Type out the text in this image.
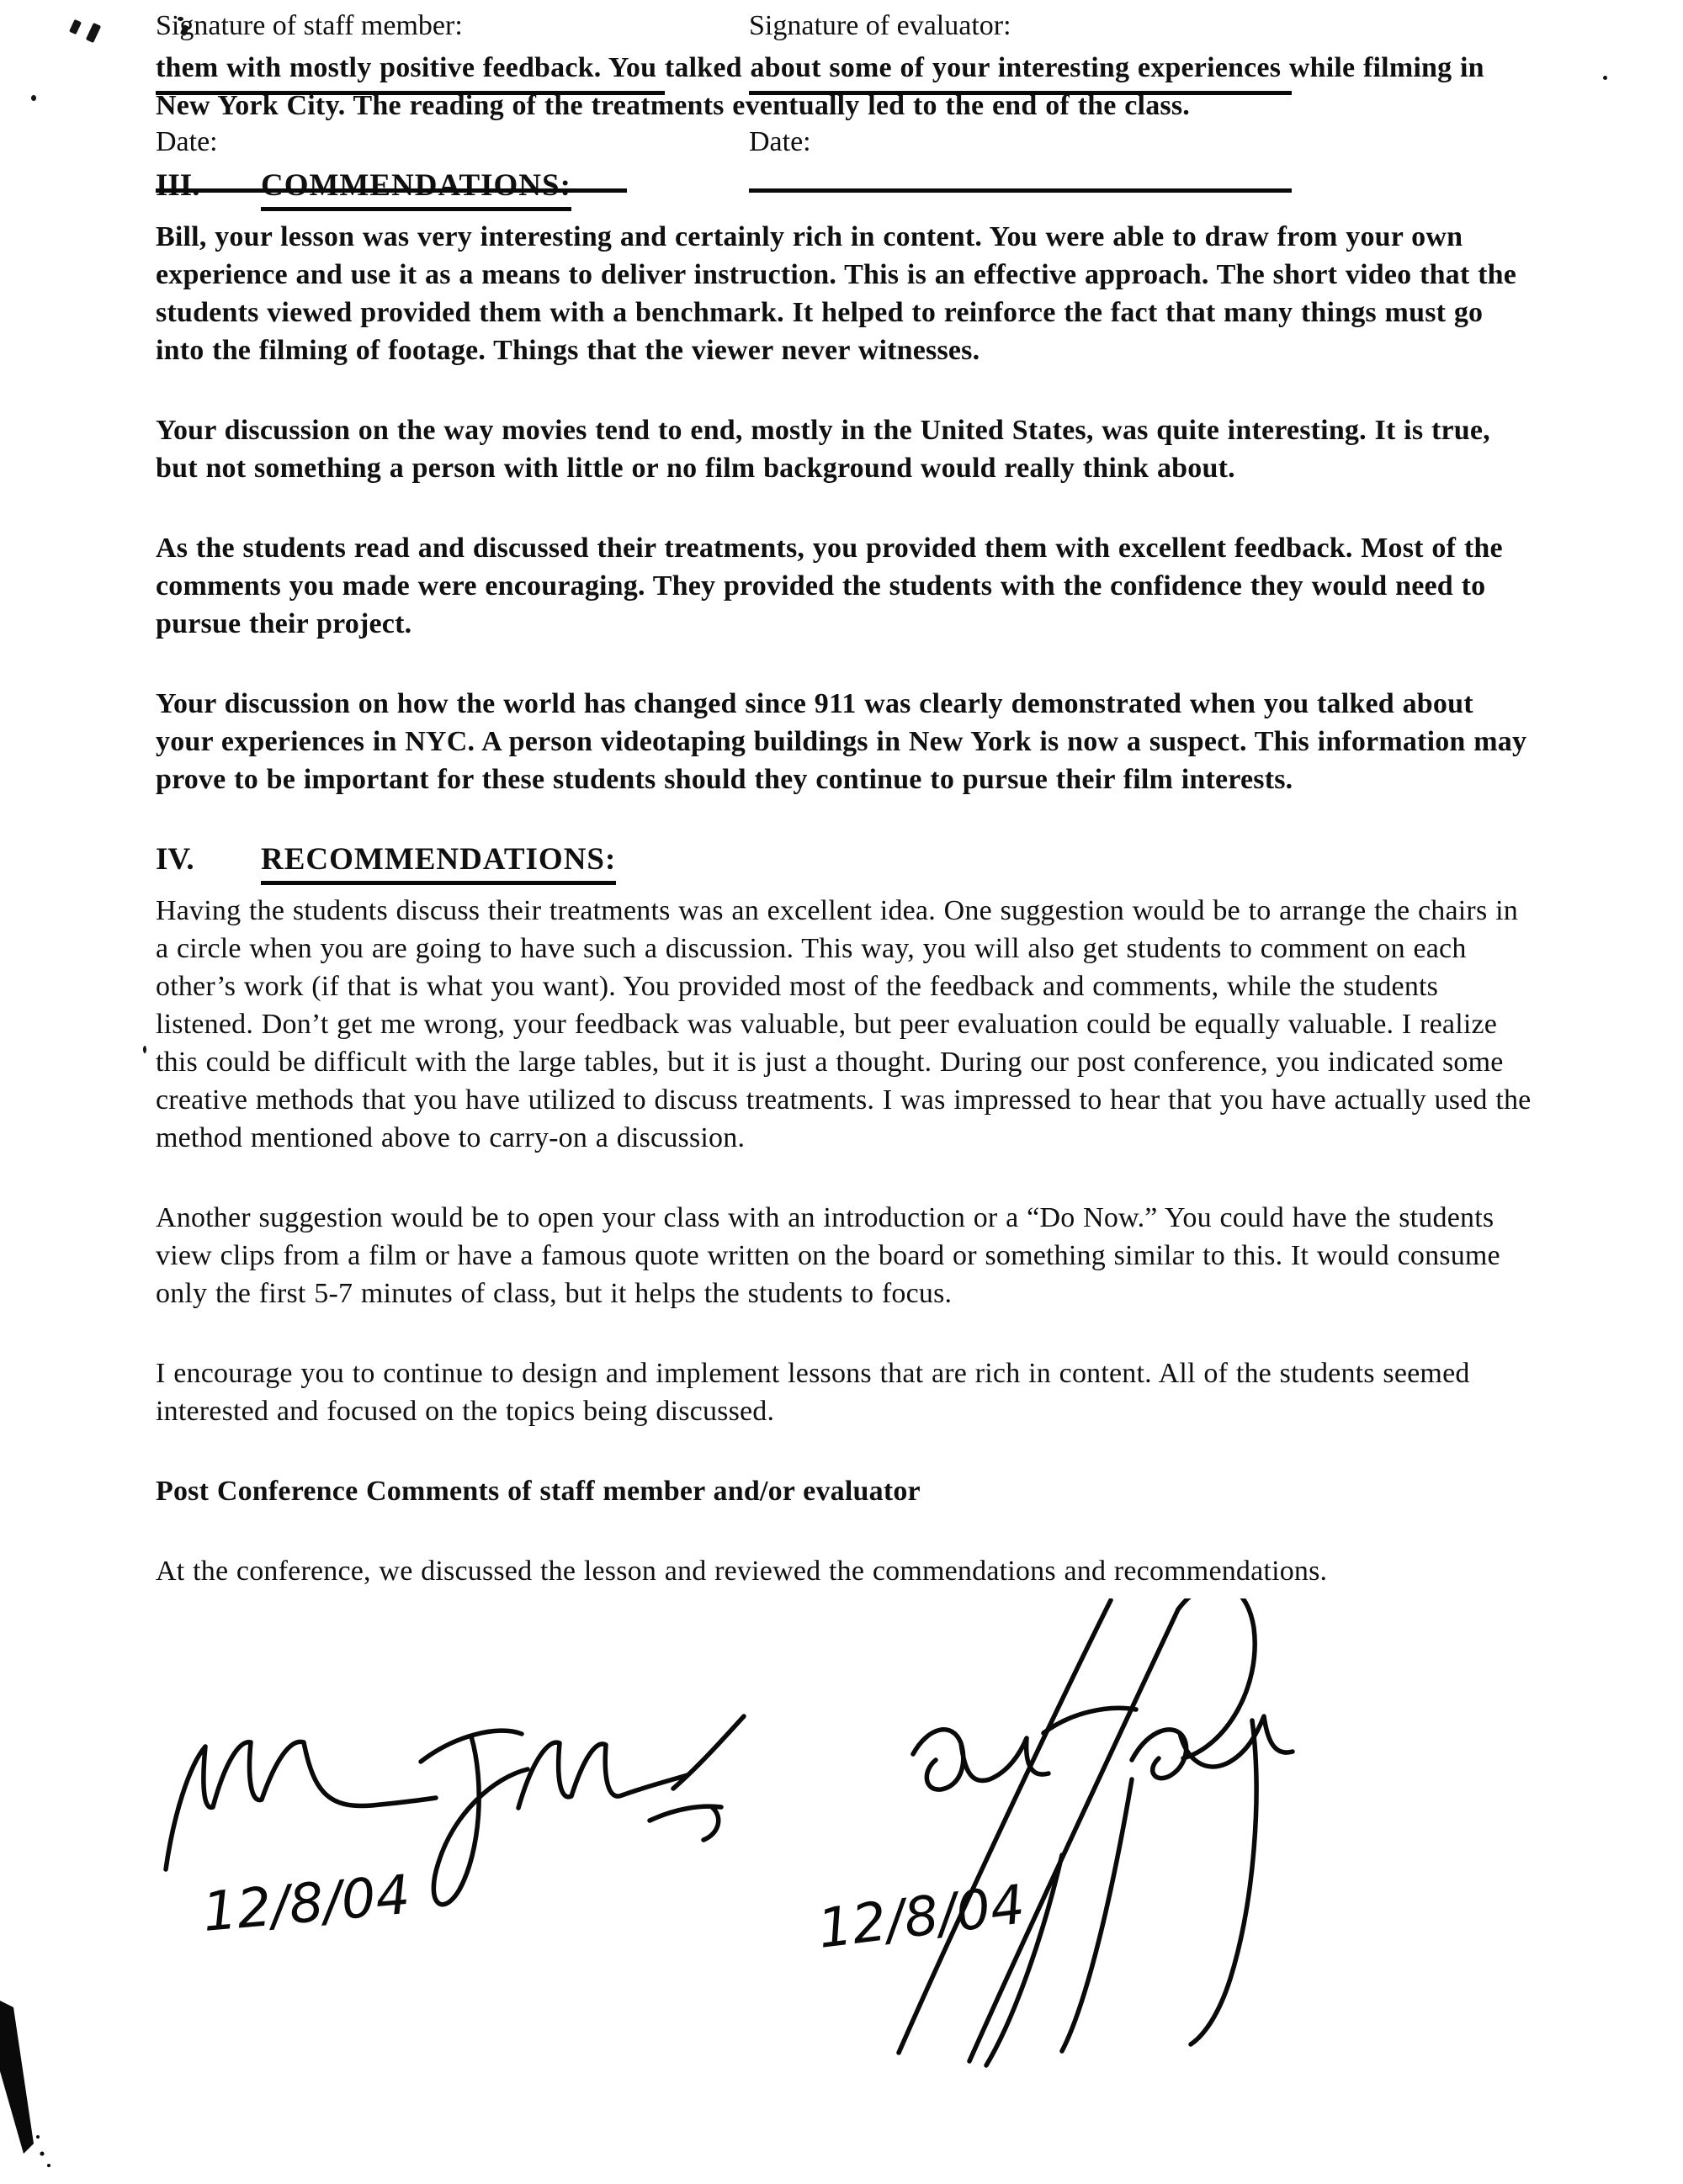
them with mostly positive feedback. You talked about some of your interesting experiences while filming in New York City. The reading of the treatments eventually led to the end of the class.

III. COMMENDATIONS:

Bill, your lesson was very interesting and certainly rich in content. You were able to draw from your own experience and use it as a means to deliver instruction. This is an effective approach. The short video that the students viewed provided them with a benchmark. It helped to reinforce the fact that many things must go into the filming of footage. Things that the viewer never witnesses.

Your discussion on the way movies tend to end, mostly in the United States, was quite interesting. It is true, but not something a person with little or no film background would really think about.

As the students read and discussed their treatments, you provided them with excellent feedback. Most of the comments you made were encouraging. They provided the students with the confidence they would need to pursue their project.

Your discussion on how the world has changed since 911 was clearly demonstrated when you talked about your experiences in NYC. A person videotaping buildings in New York is now a suspect. This information may prove to be important for these students should they continue to pursue their film interests.

IV. RECOMMENDATIONS:

Having the students discuss their treatments was an excellent idea. One suggestion would be to arrange the chairs in a circle when you are going to have such a discussion. This way, you will also get students to comment on each other’s work (if that is what you want). You provided most of the feedback and comments, while the students listened. Don’t get me wrong, your feedback was valuable, but peer evaluation could be equally valuable. I realize this could be difficult with the large tables, but it is just a thought. During our post conference, you indicated some creative methods that you have utilized to discuss treatments. I was impressed to hear that you have actually used the method mentioned above to carry-on a discussion.

Another suggestion would be to open your class with an introduction or a “Do Now.” You could have the students view clips from a film or have a famous quote written on the board or something similar to this. It would consume only the first 5-7 minutes of class, but it helps the students to focus.

I encourage you to continue to design and implement lessons that are rich in content. All of the students seemed interested and focused on the topics being discussed.

Post Conference Comments of staff member and/or evaluator

At the conference, we discussed the lesson and reviewed the commendations and recommendations.

Signature of staff member:
Date:
Signature of evaluator:
Date:
12/8/04	12/8/04
